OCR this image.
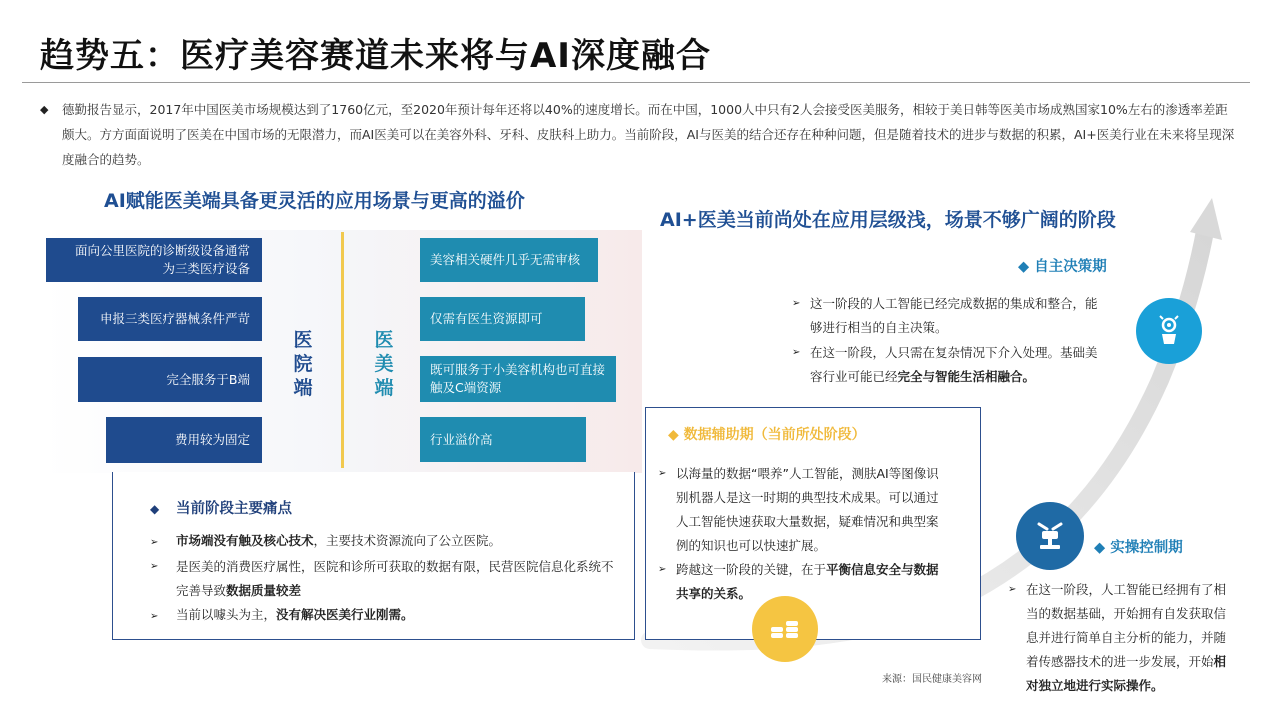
趋势五：医疗美容赛道未来将与AI深度融合
◆	德勤报告显示，2017年中国医美市场规模达到了1760亿元，至2020年预计每年还将以40%的速度增长。而在中国，1000人中只有2人会接受医美服务，相较于美日韩等医美市场成熟国家10%左右的渗透率差距颇大。方方面面说明了医美在中国市场的无限潜力，而AI医美可以在美容外科、牙科、皮肤科上助力。当前阶段，AI与医美的结合还存在种种问题，但是随着技术的进步与数据的积累，AI+医美行业在未来将呈现深度融合的趋势。
AI赋能医美端具备更灵活的应用场景与更高的溢价
面向公里医院的诊断级设备通常为三类医疗设备
申报三类医疗器械条件严苛
完全服务于B端
费用较为固定
医院端
医美端
美容相关硬件几乎无需审核
仅需有医生资源即可
既可服务于小美容机构也可直接触及C端资源
行业溢价高
◆ 当前阶段主要痛点
➢ 市场端没有触及核心技术，主要技术资源流向了公立医院。
➢	是医美的消费医疗属性，医院和诊所可获取的数据有限，民营医院信息化系统不完善导致数据质量较差
➢ 当前以噱头为主，没有解决医美行业刚需。
AI+医美当前尚处在应用层级浅，场景不够广阔的阶段
◆ 自主决策期
➢ 这一阶段的人工智能已经完成数据的集成和整合，能够进行相当的自主决策。
➢ 在这一阶段，人只需在复杂情况下介入处理。基础美容行业可能已经完全与智能生活相融合。
◆ 数据辅助期（当前所处阶段）
➢ 以海量的数据“喂养”人工智能，测肤AI等图像识别机器人是这一时期的典型技术成果。可以通过人工智能快速获取大量数据，疑难情况和典型案例的知识也可以快速扩展。
➢ 跨越这一阶段的关键，在于平衡信息安全与数据共享的关系。
◆ 实操控制期
➢ 在这一阶段，人工智能已经拥有了相当的数据基础，开始拥有自发获取信息并进行简单自主分析的能力，并随着传感器技术的进一步发展，开始相对独立地进行实际操作。
来源：国民健康美容网
